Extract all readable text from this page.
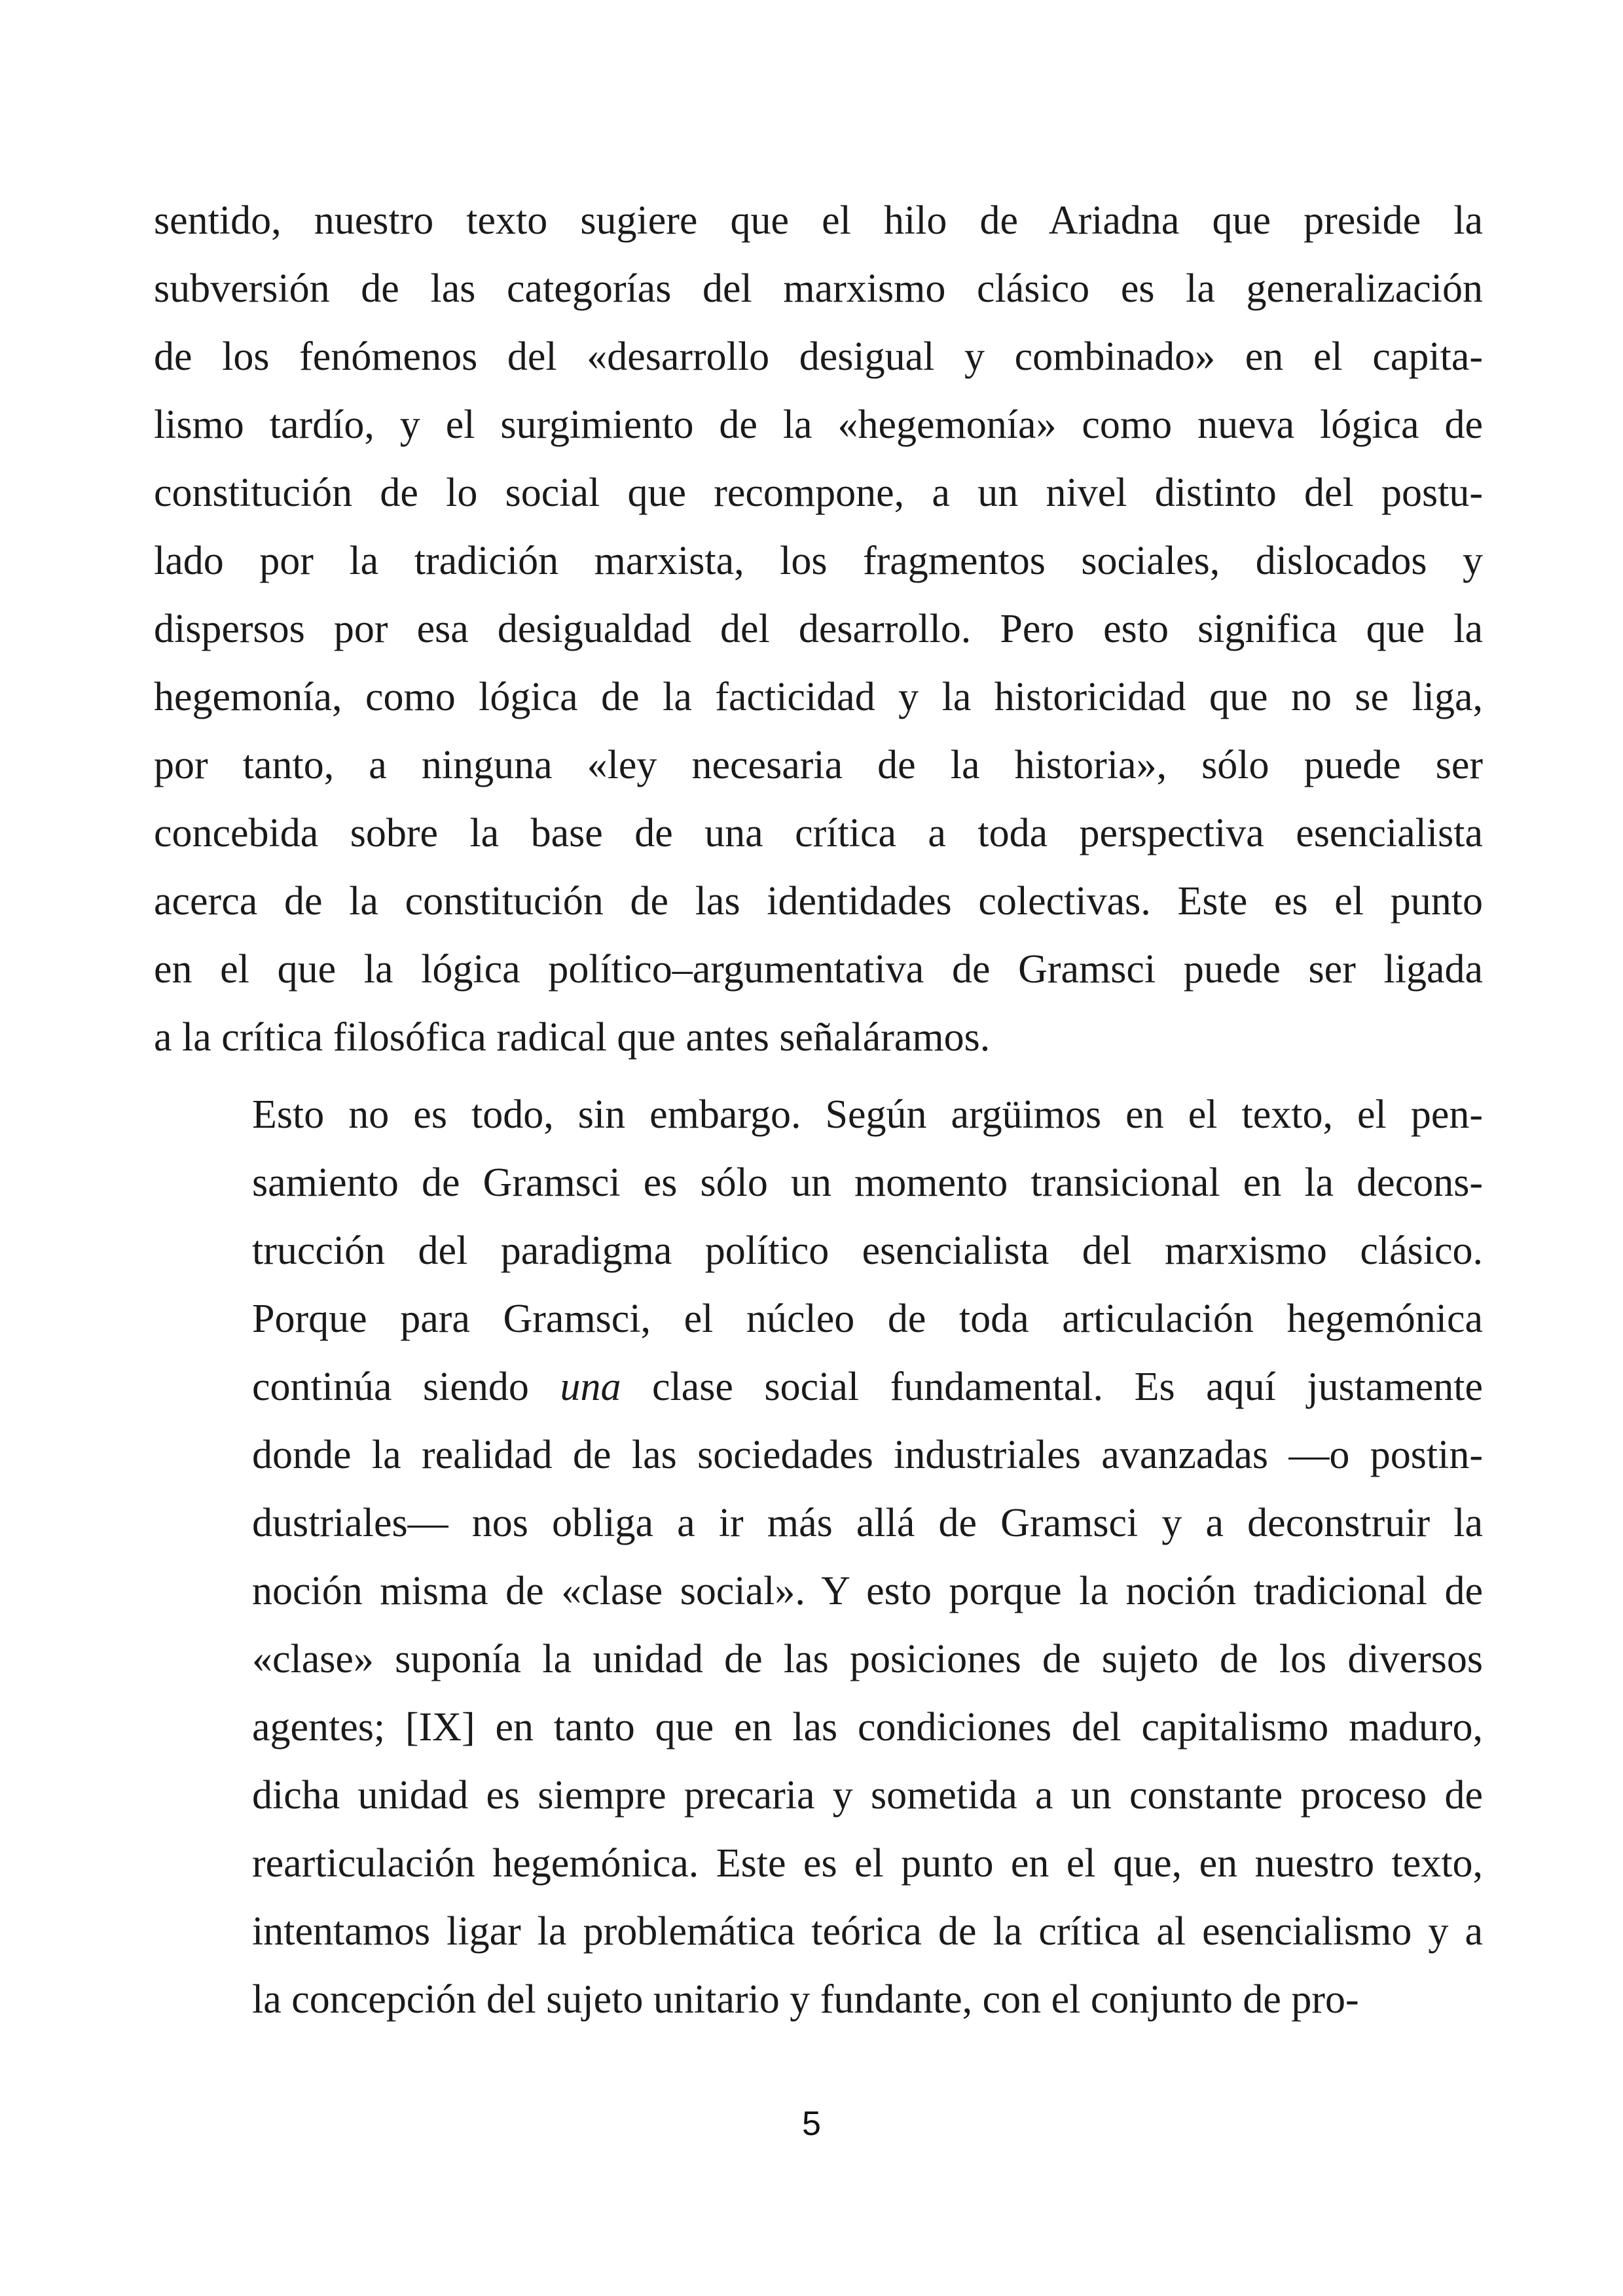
sentido, nuestro texto sugiere que el hilo de Ariadna que preside la
subversión de las categorías del marxismo clásico es la generalización
de los fenómenos del «desarrollo desigual y combinado» en el capita-
lismo tardío, y el surgimiento de la «hegemonía» como nueva lógica de
constitución de lo social que recompone, a un nivel distinto del postu-
lado por la tradición marxista, los fragmentos sociales, dislocados y
dispersos por esa desigualdad del desarrollo. Pero esto significa que la
hegemonía, como lógica de la facticidad y la historicidad que no se liga,
por tanto, a ninguna «ley necesaria de la historia», sólo puede ser
concebida sobre la base de una crítica a toda perspectiva esencialista
acerca de la constitución de las identidades colectivas. Este es el punto
en el que la lógica político–argumentativa de Gramsci puede ser ligada
a la crítica filosófica radical que antes señaláramos.

Esto no es todo, sin embargo. Según argüimos en el texto, el pen-
samiento de Gramsci es sólo un momento transicional en la decons-
trucción del paradigma político esencialista del marxismo clásico.
Porque para Gramsci, el núcleo de toda articulación hegemónica
continúa siendo una clase social fundamental. Es aquí justamente
donde la realidad de las sociedades industriales avanzadas —o postin-
dustriales— nos obliga a ir más allá de Gramsci y a deconstruir la
noción misma de «clase social». Y esto porque la noción tradicional de
«clase» suponía la unidad de las posiciones de sujeto de los diversos
agentes; [IX] en tanto que en las condiciones del capitalismo maduro,
dicha unidad es siempre precaria y sometida a un constante proceso de
rearticulación hegemónica. Este es el punto en el que, en nuestro texto,
intentamos ligar la problemática teórica de la crítica al esencialismo y a
la concepción del sujeto unitario y fundante, con el conjunto de pro-

5
